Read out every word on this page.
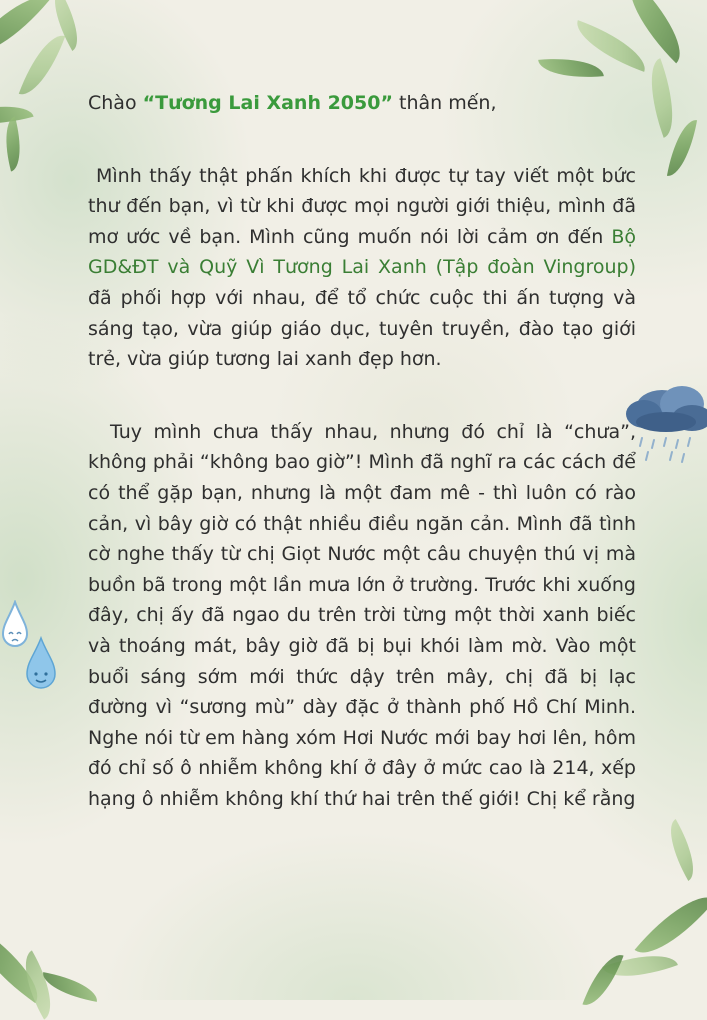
Chào “Tương Lai Xanh 2050” thân mến,

Mình thấy thật phấn khích khi được tự tay viết một bức thư đến bạn, vì từ khi được mọi người giới thiệu, mình đã mơ ước về bạn. Mình cũng muốn nói lời cảm ơn đến Bộ GD&ĐT và Quỹ Vì Tương Lai Xanh (Tập đoàn Vingroup) đã phối hợp với nhau, để tổ chức cuộc thi ấn tượng và sáng tạo, vừa giúp giáo dục, tuyên truyền, đào tạo giới trẻ, vừa giúp tương lai xanh đẹp hơn.

Tuy mình chưa thấy nhau, nhưng đó chỉ là “chưa”, không phải “không bao giờ”! Mình đã nghĩ ra các cách để có thể gặp bạn, nhưng là một đam mê - thì luôn có rào cản, vì bây giờ có thật nhiều điều ngăn cản. Mình đã tình cờ nghe thấy từ chị Giọt Nước một câu chuyện thú vị mà buồn bã trong một lần mưa lớn ở trường. Trước khi xuống đây, chị ấy đã ngao du trên trời từng một thời xanh biếc và thoáng mát, bây giờ đã bị bụi khói làm mờ. Vào một buổi sáng sớm mới thức dậy trên mây, chị đã bị lạc đường vì “sương mù” dày đặc ở thành phố Hồ Chí Minh. Nghe nói từ em hàng xóm Hơi Nước mới bay hơi lên, hôm đó chỉ số ô nhiễm không khí ở đây ở mức cao là 214, xếp hạng ô nhiễm không khí thứ hai trên thế giới! Chị kể rằng
